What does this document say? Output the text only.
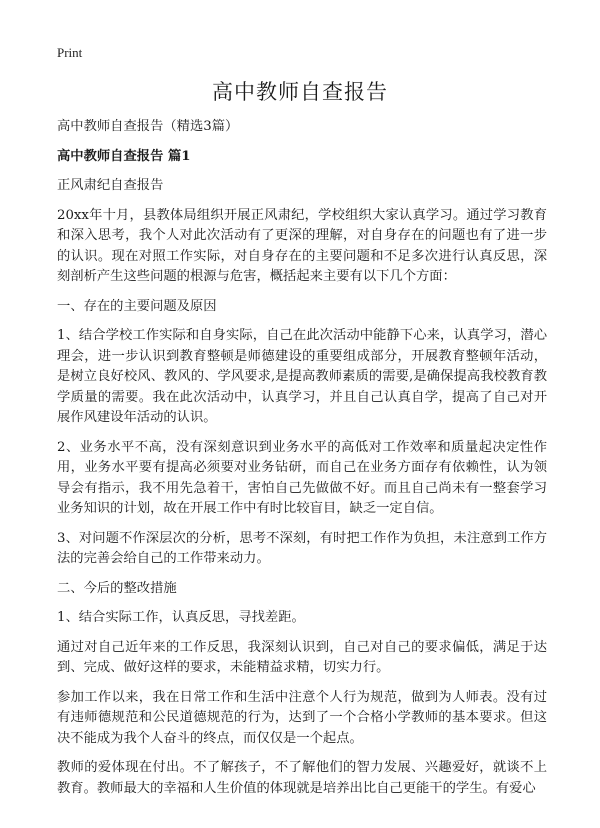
Print
高中教师自查报告

高中教师自查报告（精选3篇）

高中教师自查报告 篇1

正风肃纪自查报告

20xx年十月，县教体局组织开展正风肃纪，学校组织大家认真学习。通过学习教育和深入思考，我个人对此次活动有了更深的理解，对自身存在的问题也有了进一步的认识。现在对照工作实际，对自身存在的主要问题和不足多次进行认真反思，深刻剖析产生这些问题的根源与危害，概括起来主要有以下几个方面：

一、存在的主要问题及原因

1、结合学校工作实际和自身实际，自己在此次活动中能静下心来，认真学习，潜心理会，进一步认识到教育整顿是师德建设的重要组成部分，开展教育整顿年活动，是树立良好校风、教风的、学风要求,是提高教师素质的需要,是确保提高我校教育教学质量的需要。我在此次活动中，认真学习，并且自己认真自学，提高了自己对开展作风建设年活动的认识。

2、业务水平不高，没有深刻意识到业务水平的高低对工作效率和质量起决定性作用，业务水平要有提高必须要对业务钻研，而自己在业务方面存有依赖性，认为领导会有指示，我不用先急着干，害怕自己先做做不好。而且自己尚未有一整套学习业务知识的计划，故在开展工作中有时比较盲目，缺乏一定自信。

3、对问题不作深层次的分析，思考不深刻，有时把工作作为负担，未注意到工作方法的完善会给自己的工作带来动力。

二、今后的整改措施

1、结合实际工作，认真反思，寻找差距。

通过对自己近年来的工作反思，我深刻认识到，自己对自己的要求偏低，满足于达到、完成、做好这样的要求，未能精益求精，切实力行。

参加工作以来，我在日常工作和生活中注意个人行为规范，做到为人师表。没有过有违师德规范和公民道德规范的行为，达到了一个合格小学教师的基本要求。但这决不能成为我个人奋斗的终点，而仅仅是一个起点。

教师的爱体现在付出。不了解孩子，不了解他们的智力发展、兴趣爱好，就谈不上教育。教师最大的幸福和人生价值的体现就是培养出比自己更能干的学生。有爱心
